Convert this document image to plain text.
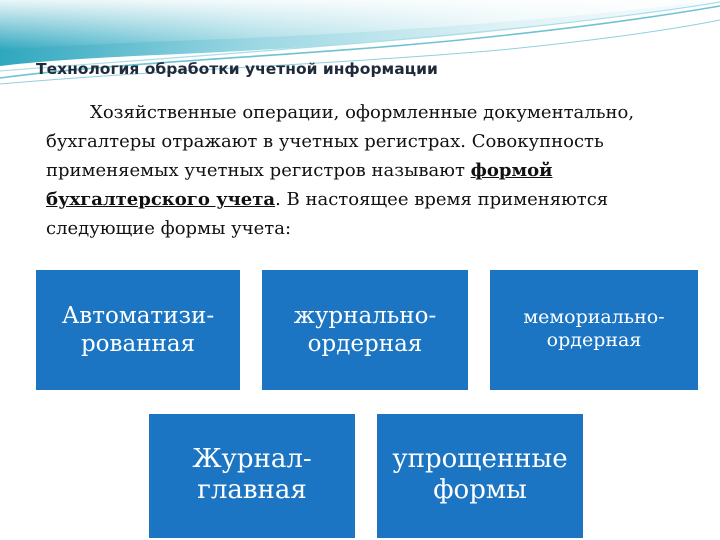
Технология обработки учетной информации
Хозяйственные операции, оформленные документально, бухгалтеры отражают в учетных регистрах. Совокупность применяемых учетных регистров называют формой бухгалтерского учета. В настоящее время применяются следующие формы учета:
Автоматизи-
рованная
журнально-
ордерная
мемориально-
ордерная
Журнал-
главная
упрощенные
формы
